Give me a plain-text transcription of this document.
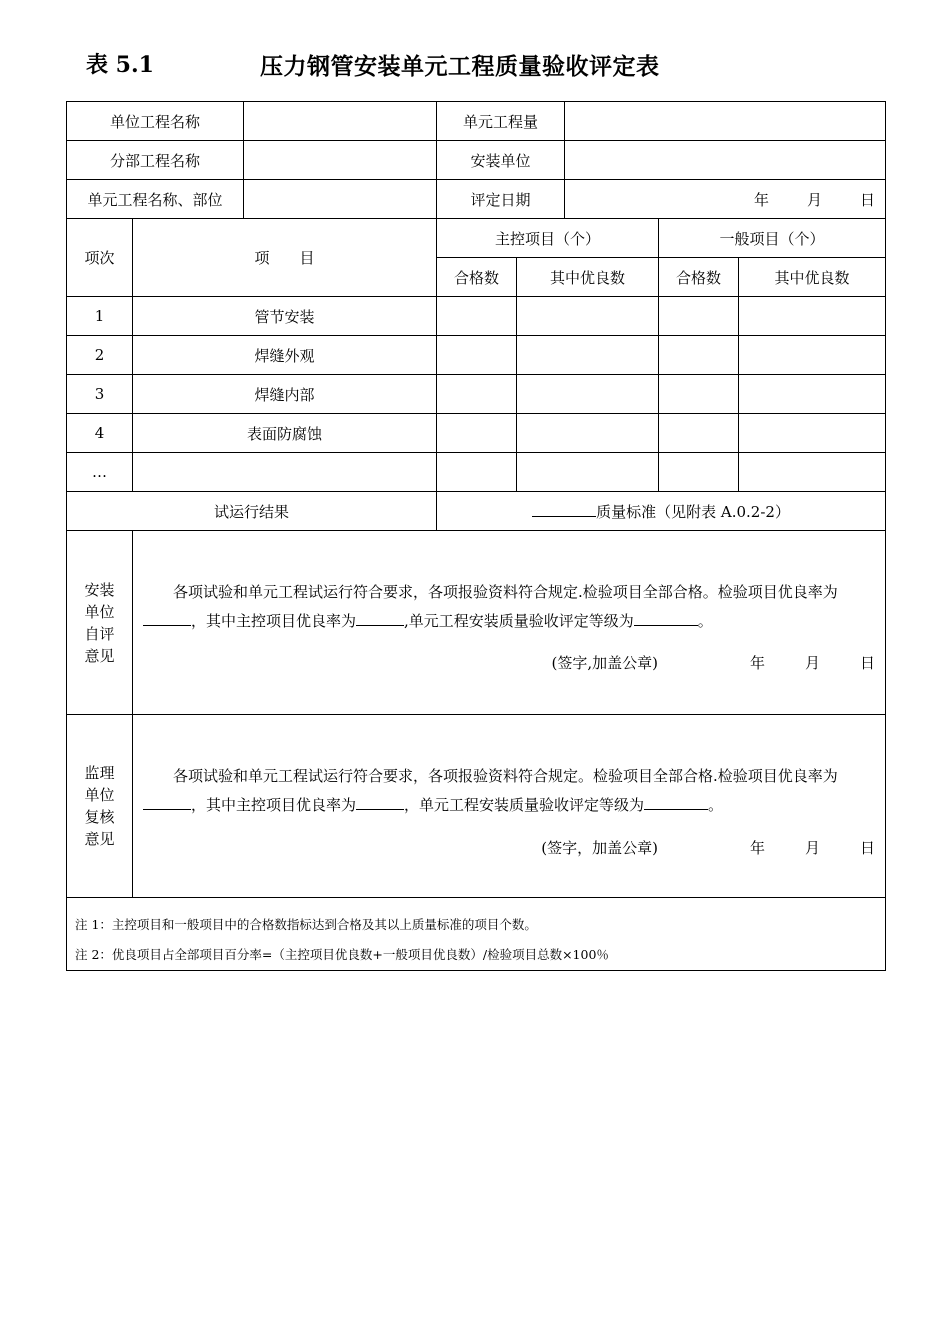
表 5.1	压力钢管安装单元工程质量验收评定表
单位工程名称			单元工程量				
分部工程名称			安装单位				
单元工程名称、部位			评定日期		年 月 日		
项次	项　　目		主控项目（个）			一般项目（个）	
			合格数	其中优良数		合格数	其中优良数
1	管节安装						
2	焊缝外观						
3	焊缝内部						
4	表面防腐蚀						
…							
试运行结果			质量标准（见附表 A.0.2-2）				

安装单位自评意见	各项试验和单元工程试运行符合要求，各项报验资料符合规定.检验项目全部合格。检验项目优良率为，其中主控项目优良率为 ,单元工程安装质量验收评定等级为 。
(签字,加盖公章) 年 月 日						

监理单位复核意见	各项试验和单元工程试运行符合要求，各项报验资料符合规定。检验项目全部合格.检验项目优良率为，其中主控项目优良率为 ，单元工程安装质量验收评定等级为 。
(签字，加盖公章) 年 月 日						

注 1：主控项目和一般项目中的合格数指标达到合格及其以上质量标准的项目个数。
注 2：优良项目占全部项目百分率=（主控项目优良数+一般项目优良数）/检验项目总数×100％							
